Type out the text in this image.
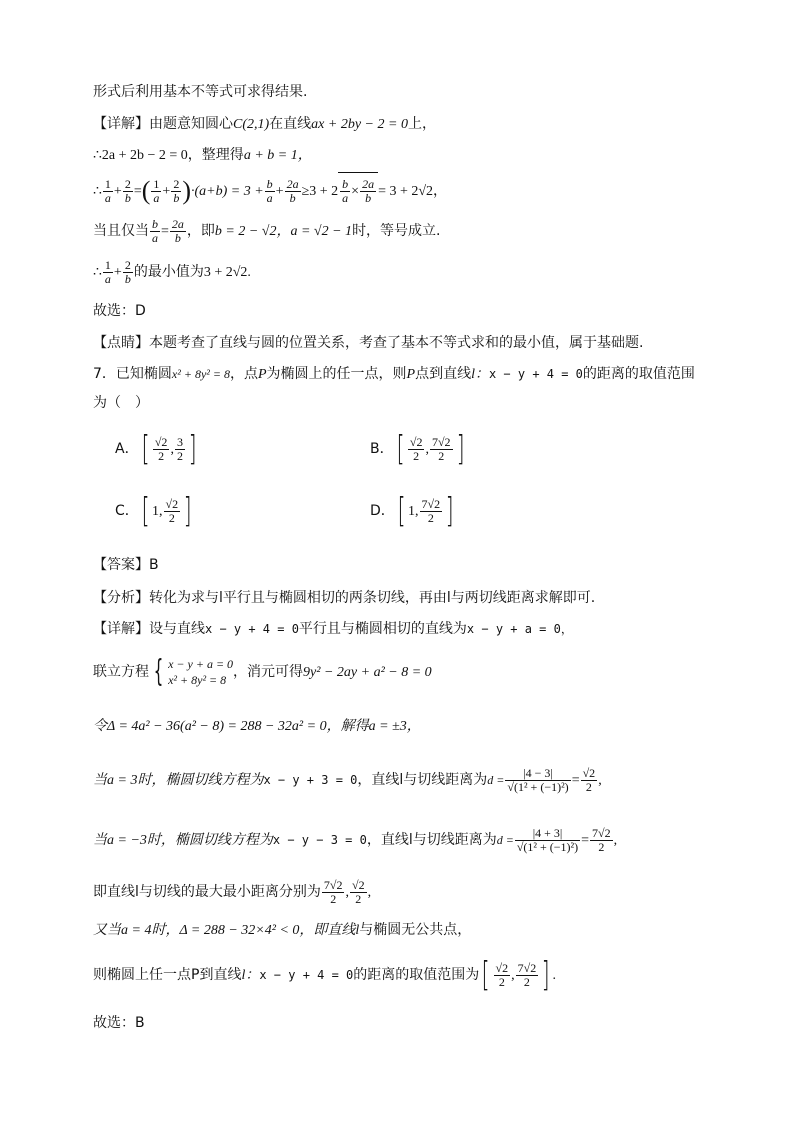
形式后利用基本不等式可求得结果.
【详解】由题意知圆心C(2,1)在直线ax + 2by − 2 = 0上，
∴2a + 2b − 2 = 0，整理得a + b = 1，
∴ $\frac{1}{a} + \frac{2}{b}$ =( $\frac{1}{a} + \frac{2}{b} )\cdot(a+b) = 3 + \frac{b}{a} + \frac{2a}{b} \ge 3 + 2 \frac{b}{a} \times \frac{2a}{b} = 3 + 2√2$，
当且仅当 $\frac{b}{a} = \frac{2a}{b}$ ，即b = 2 − √2，a = √2 − 1时，等号成立.
∴ $\frac{1}{a} + \frac{2}{b}$ 的最小值为3 + 2√2.
故选：D
【点睛】本题考查了直线与圆的位置关系，考查了基本不等式求和的最小值，属于基础题.
7．已知椭圆x² + 8y² = 8，点P为椭圆上的任一点，则P点到直线l：x − y + 4 = 0的距离的取值范围
为（　）
A．[ $\frac{√2}{2}$ , $\frac{3}{2}$ ]	B．[ $\frac{√2}{2}$ , $\frac{7√2}{2}$ ]
C．[ 1, $\frac{√2}{2}$ ]	D．[ 1, $\frac{7√2}{2}$ ]
【答案】B
【分析】转化为求与l平行且与椭圆相切的两条切线，再由l与两切线距离求解即可.
【详解】设与直线x − y + 4 = 0平行且与椭圆相切的直线为x − y + a = 0，
联立方程 { x − y + a = 0
x² + 8y² = 8 ，消元可得9y² − 2ay + a² − 8 = 0
令Δ = 4a² − 36(a² − 8) = 288 − 32a² = 0，解得a = ±3，
当a = 3时，椭圆切线方程为x − y + 3 = 0，直线l与切线距离为$d = \frac{|4 - 3|}{\text{√(1² + (−1)²)}} = \frac{√2}{2}$ ,
当a = −3时，椭圆切线方程为x − y − 3 = 0，直线l与切线距离为$d = \frac{|4 + 3|}{\text{√(1² + (−1)²)}} = \frac{7√2}{2}$ ,
即直线l与切线的最大最小距离分别为 $\frac{7√2}{2}$ , $\frac{√2}{2}$ ,
又当a = 4时，Δ = 288 − 32×4² < 0，即直线l与椭圆无公共点，
则椭圆上任一点P到直线l：x − y + 4 = 0的距离的取值范围为[ $\frac{√2}{2}$ , $\frac{7√2}{2}$ ] .
故选：B
